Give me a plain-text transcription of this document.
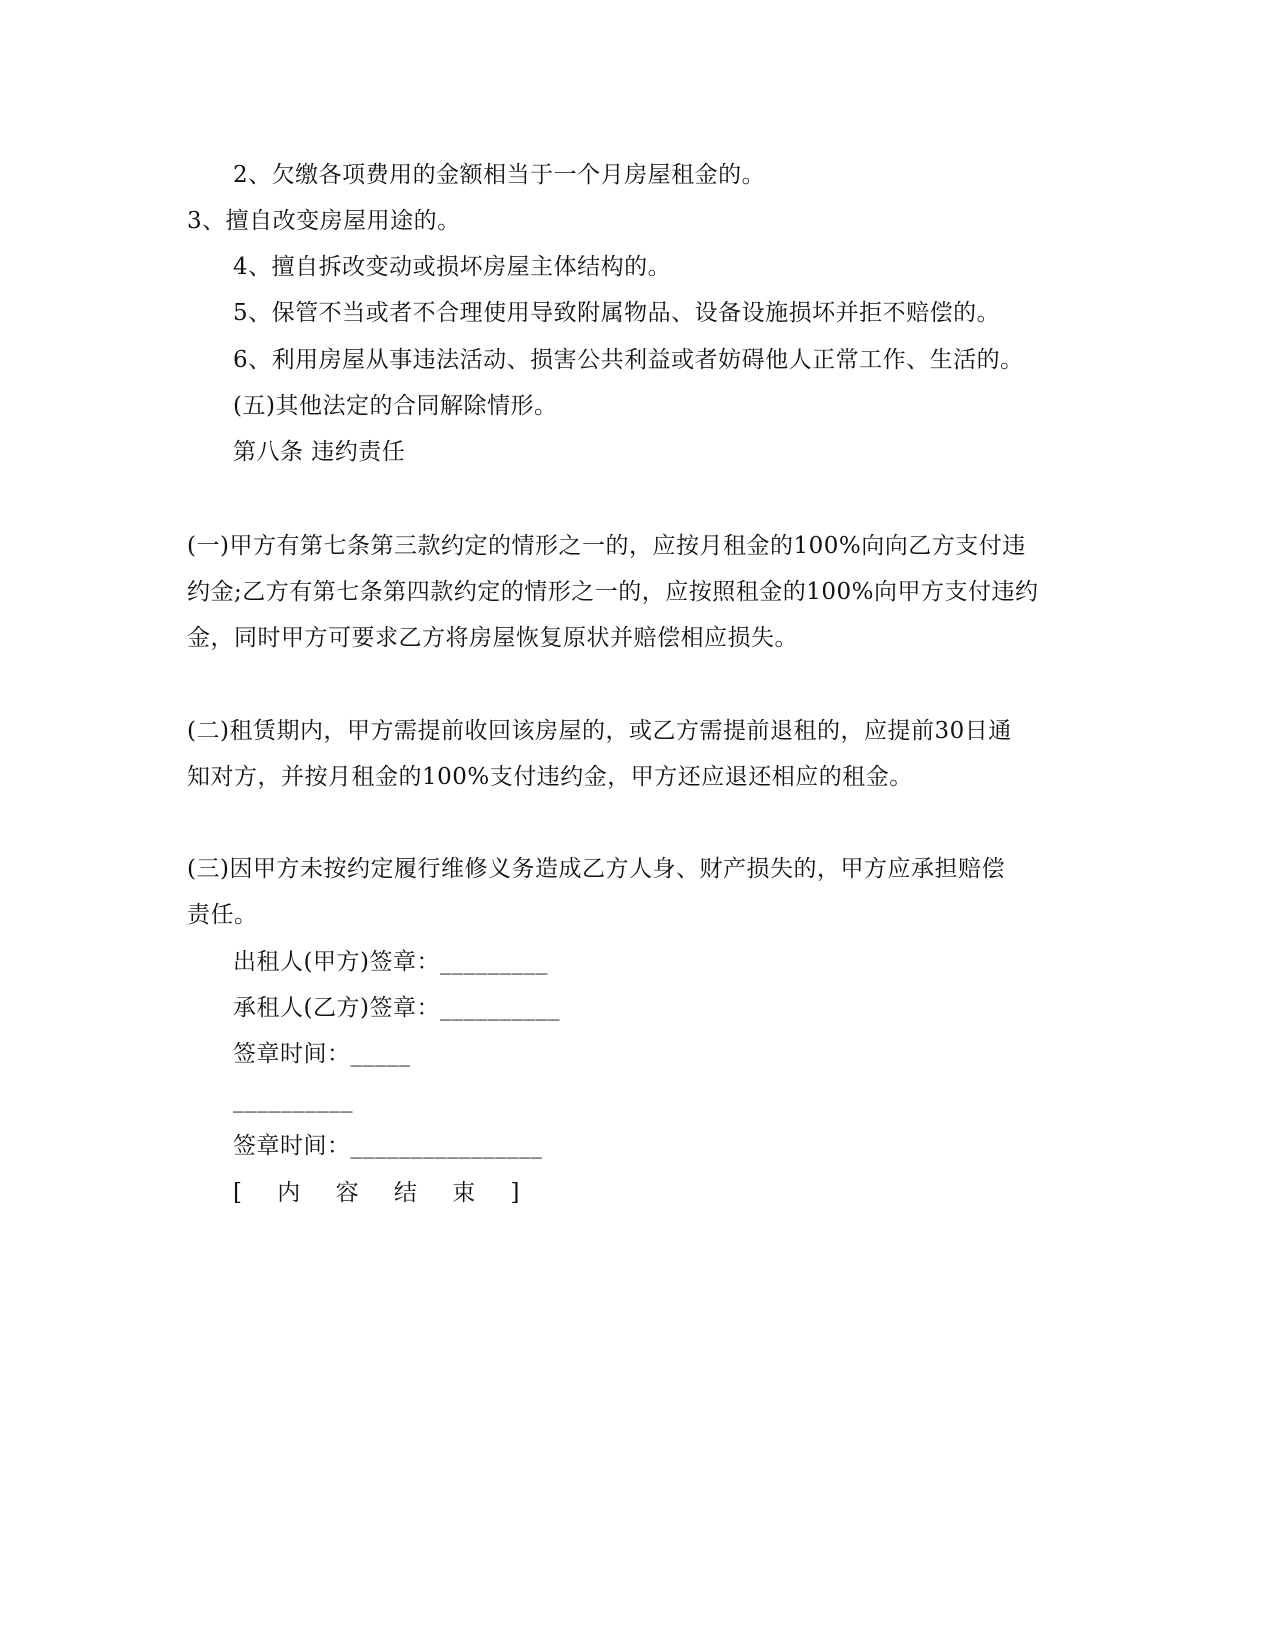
2、欠缴各项费用的金额相当于一个月房屋租金的。
3、擅自改变房屋用途的。
4、擅自拆改变动或损坏房屋主体结构的。
5、保管不当或者不合理使用导致附属物品、设备设施损坏并拒不赔偿的。
6、利用房屋从事违法活动、损害公共利益或者妨碍他人正常工作、生活的。
(五)其他法定的合同解除情形。
第八条 违约责任
(一)甲方有第七条第三款约定的情形之一的，应按月租金的100%向向乙方支付违
约金;乙方有第七条第四款约定的情形之一的，应按照租金的100%向甲方支付违约
金，同时甲方可要求乙方将房屋恢复原状并赔偿相应损失。
(二)租赁期内，甲方需提前收回该房屋的，或乙方需提前退租的，应提前30日通
知对方，并按月租金的100%支付违约金，甲方还应退还相应的租金。
(三)因甲方未按约定履行维修义务造成乙方人身、财产损失的，甲方应承担赔偿
责任。
出租人(甲方)签章：_________
承租人(乙方)签章：__________
签章时间：_____
__________
签章时间：________________
[ 内 容 结 束 ]
